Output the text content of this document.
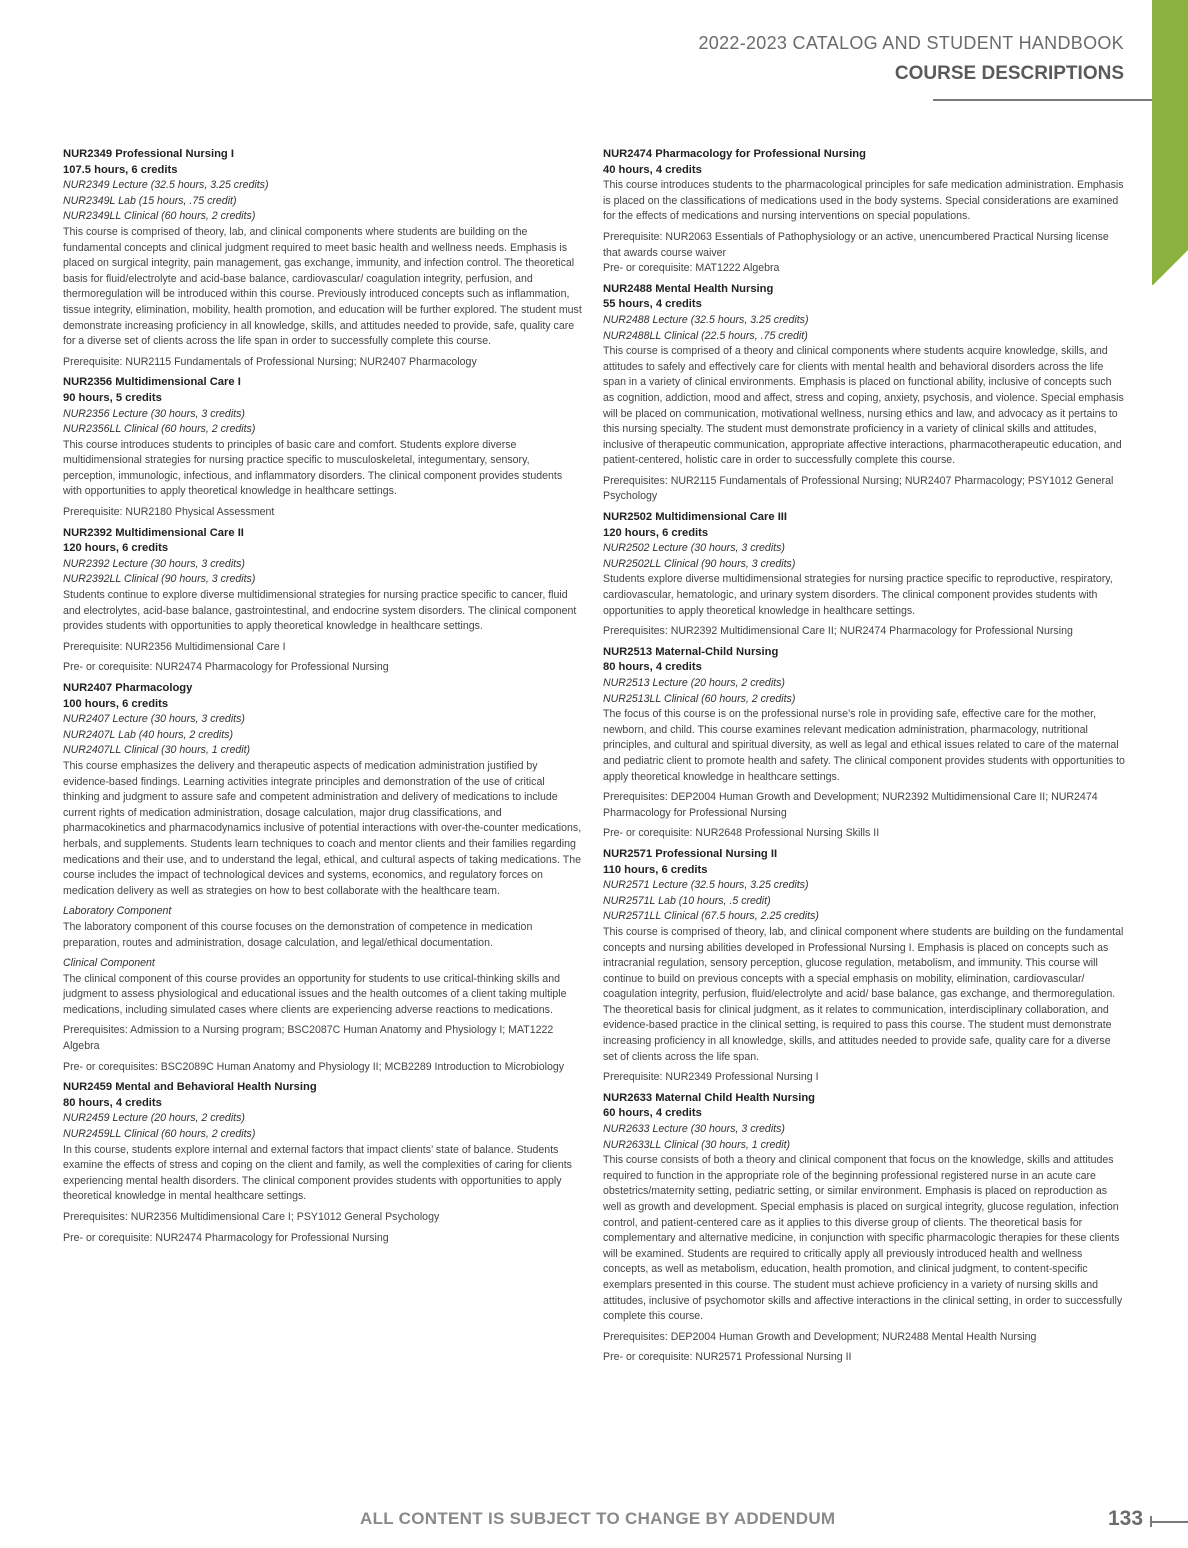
2022-2023 CATALOG AND STUDENT HANDBOOK
COURSE DESCRIPTIONS
NUR2349 Professional Nursing I
107.5 hours, 6 credits
NUR2349 Lecture (32.5 hours, 3.25 credits)
NUR2349L Lab (15 hours, .75 credit)
NUR2349LL Clinical (60 hours, 2 credits)
This course is comprised of theory, lab, and clinical components where students are building on the fundamental concepts and clinical judgment required to meet basic health and wellness needs. Emphasis is placed on surgical integrity, pain management, gas exchange, immunity, and infection control. The theoretical basis for fluid/electrolyte and acid-base balance, cardiovascular/ coagulation integrity, perfusion, and thermoregulation will be introduced within this course. Previously introduced concepts such as inflammation, tissue integrity, elimination, mobility, health promotion, and education will be further explored. The student must demonstrate increasing proficiency in all knowledge, skills, and attitudes needed to provide, safe, quality care for a diverse set of clients across the life span in order to successfully complete this course.
Prerequisite: NUR2115 Fundamentals of Professional Nursing; NUR2407 Pharmacology
NUR2356 Multidimensional Care I
90 hours, 5 credits
NUR2356 Lecture (30 hours, 3 credits)
NUR2356LL Clinical (60 hours, 2 credits)
This course introduces students to principles of basic care and comfort. Students explore diverse multidimensional strategies for nursing practice specific to musculoskeletal, integumentary, sensory, perception, immunologic, infectious, and inflammatory disorders. The clinical component provides students with opportunities to apply theoretical knowledge in healthcare settings.
Prerequisite: NUR2180 Physical Assessment
NUR2392 Multidimensional Care II
120 hours, 6 credits
NUR2392 Lecture (30 hours, 3 credits)
NUR2392LL Clinical (90 hours, 3 credits)
Students continue to explore diverse multidimensional strategies for nursing practice specific to cancer, fluid and electrolytes, acid-base balance, gastrointestinal, and endocrine system disorders. The clinical component provides students with opportunities to apply theoretical knowledge in healthcare settings.
Prerequisite: NUR2356 Multidimensional Care I
Pre- or corequisite: NUR2474 Pharmacology for Professional Nursing
NUR2407 Pharmacology
100 hours, 6 credits
NUR2407 Lecture (30 hours, 3 credits)
NUR2407L Lab (40 hours, 2 credits)
NUR2407LL Clinical (30 hours, 1 credit)
This course emphasizes the delivery and therapeutic aspects of medication administration justified by evidence-based findings. Learning activities integrate principles and demonstration of the use of critical thinking and judgment to assure safe and competent administration and delivery of medications to include current rights of medication administration, dosage calculation, major drug classifications, and pharmacokinetics and pharmacodynamics inclusive of potential interactions with over-the-counter medications, herbals, and supplements. Students learn techniques to coach and mentor clients and their families regarding medications and their use, and to understand the legal, ethical, and cultural aspects of taking medications. The course includes the impact of technological devices and systems, economics, and regulatory forces on medication delivery as well as strategies on how to best collaborate with the healthcare team.
Laboratory Component
The laboratory component of this course focuses on the demonstration of competence in medication preparation, routes and administration, dosage calculation, and legal/ethical documentation.
Clinical Component
The clinical component of this course provides an opportunity for students to use critical-thinking skills and judgment to assess physiological and educational issues and the health outcomes of a client taking multiple medications, including simulated cases where clients are experiencing adverse reactions to medications.
Prerequisites: Admission to a Nursing program; BSC2087C Human Anatomy and Physiology I; MAT1222 Algebra
Pre- or corequisites: BSC2089C Human Anatomy and Physiology II; MCB2289 Introduction to Microbiology
NUR2459 Mental and Behavioral Health Nursing
80 hours, 4 credits
NUR2459 Lecture (20 hours, 2 credits)
NUR2459LL Clinical (60 hours, 2 credits)
In this course, students explore internal and external factors that impact clients’ state of balance. Students examine the effects of stress and coping on the client and family, as well the complexities of caring for clients experiencing mental health disorders. The clinical component provides students with opportunities to apply theoretical knowledge in mental healthcare settings.
Prerequisites: NUR2356 Multidimensional Care I; PSY1012 General Psychology
Pre- or corequisite: NUR2474 Pharmacology for Professional Nursing
NUR2474 Pharmacology for Professional Nursing
40 hours, 4 credits
This course introduces students to the pharmacological principles for safe medication administration. Emphasis is placed on the classifications of medications used in the body systems. Special considerations are examined for the effects of medications and nursing interventions on special populations.
Prerequisite: NUR2063 Essentials of Pathophysiology or an active, unencumbered Practical Nursing license that awards course waiver
Pre- or corequisite: MAT1222 Algebra
NUR2488 Mental Health Nursing
55 hours, 4 credits
NUR2488 Lecture (32.5 hours, 3.25 credits)
NUR2488LL Clinical (22.5 hours, .75 credit)
This course is comprised of a theory and clinical components where students acquire knowledge, skills, and attitudes to safely and effectively care for clients with mental health and behavioral disorders across the life span in a variety of clinical environments. Emphasis is placed on functional ability, inclusive of concepts such as cognition, addiction, mood and affect, stress and coping, anxiety, psychosis, and violence. Special emphasis will be placed on communication, motivational wellness, nursing ethics and law, and advocacy as it pertains to this nursing specialty. The student must demonstrate proficiency in a variety of clinical skills and attitudes, inclusive of therapeutic communication, appropriate affective interactions, pharmacotherapeutic education, and patient-centered, holistic care in order to successfully complete this course.
Prerequisites: NUR2115 Fundamentals of Professional Nursing; NUR2407 Pharmacology; PSY1012 General Psychology
NUR2502 Multidimensional Care III
120 hours, 6 credits
NUR2502 Lecture (30 hours, 3 credits)
NUR2502LL Clinical (90 hours, 3 credits)
Students explore diverse multidimensional strategies for nursing practice specific to reproductive, respiratory, cardiovascular, hematologic, and urinary system disorders. The clinical component provides students with opportunities to apply theoretical knowledge in healthcare settings.
Prerequisites: NUR2392 Multidimensional Care II; NUR2474 Pharmacology for Professional Nursing
NUR2513 Maternal-Child Nursing
80 hours, 4 credits
NUR2513 Lecture (20 hours, 2 credits)
NUR2513LL Clinical (60 hours, 2 credits)
The focus of this course is on the professional nurse’s role in providing safe, effective care for the mother, newborn, and child. This course examines relevant medication administration, pharmacology, nutritional principles, and cultural and spiritual diversity, as well as legal and ethical issues related to care of the maternal and pediatric client to promote health and safety. The clinical component provides students with opportunities to apply theoretical knowledge in healthcare settings.
Prerequisites: DEP2004 Human Growth and Development; NUR2392 Multidimensional Care II; NUR2474 Pharmacology for Professional Nursing
Pre- or corequisite: NUR2648 Professional Nursing Skills II
NUR2571 Professional Nursing II
110 hours, 6 credits
NUR2571 Lecture (32.5 hours, 3.25 credits)
NUR2571L Lab (10 hours, .5 credit)
NUR2571LL Clinical (67.5 hours, 2.25 credits)
This course is comprised of theory, lab, and clinical component where students are building on the fundamental concepts and nursing abilities developed in Professional Nursing I. Emphasis is placed on concepts such as intracranial regulation, sensory perception, glucose regulation, metabolism, and immunity. This course will continue to build on previous concepts with a special emphasis on mobility, elimination, cardiovascular/ coagulation integrity, perfusion, fluid/electrolyte and acid/ base balance, gas exchange, and thermoregulation. The theoretical basis for clinical judgment, as it relates to communication, interdisciplinary collaboration, and evidence-based practice in the clinical setting, is required to pass this course. The student must demonstrate increasing proficiency in all knowledge, skills, and attitudes needed to provide safe, quality care for a diverse set of clients across the life span.
Prerequisite: NUR2349 Professional Nursing I
NUR2633 Maternal Child Health Nursing
60 hours, 4 credits
NUR2633 Lecture (30 hours, 3 credits)
NUR2633LL Clinical (30 hours, 1 credit)
This course consists of both a theory and clinical component that focus on the knowledge, skills and attitudes required to function in the appropriate role of the beginning professional registered nurse in an acute care obstetrics/maternity setting, pediatric setting, or similar environment. Emphasis is placed on reproduction as well as growth and development. Special emphasis is placed on surgical integrity, glucose regulation, infection control, and patient-centered care as it applies to this diverse group of clients. The theoretical basis for complementary and alternative medicine, in conjunction with specific pharmacologic therapies for these clients will be examined. Students are required to critically apply all previously introduced health and wellness concepts, as well as metabolism, education, health promotion, and clinical judgment, to content-specific exemplars presented in this course. The student must achieve proficiency in a variety of nursing skills and attitudes, inclusive of psychomotor skills and affective interactions in the clinical setting, in order to successfully complete this course.
Prerequisites: DEP2004 Human Growth and Development; NUR2488 Mental Health Nursing
Pre- or corequisite: NUR2571 Professional Nursing II
ALL CONTENT IS SUBJECT TO CHANGE BY ADDENDUM	133
